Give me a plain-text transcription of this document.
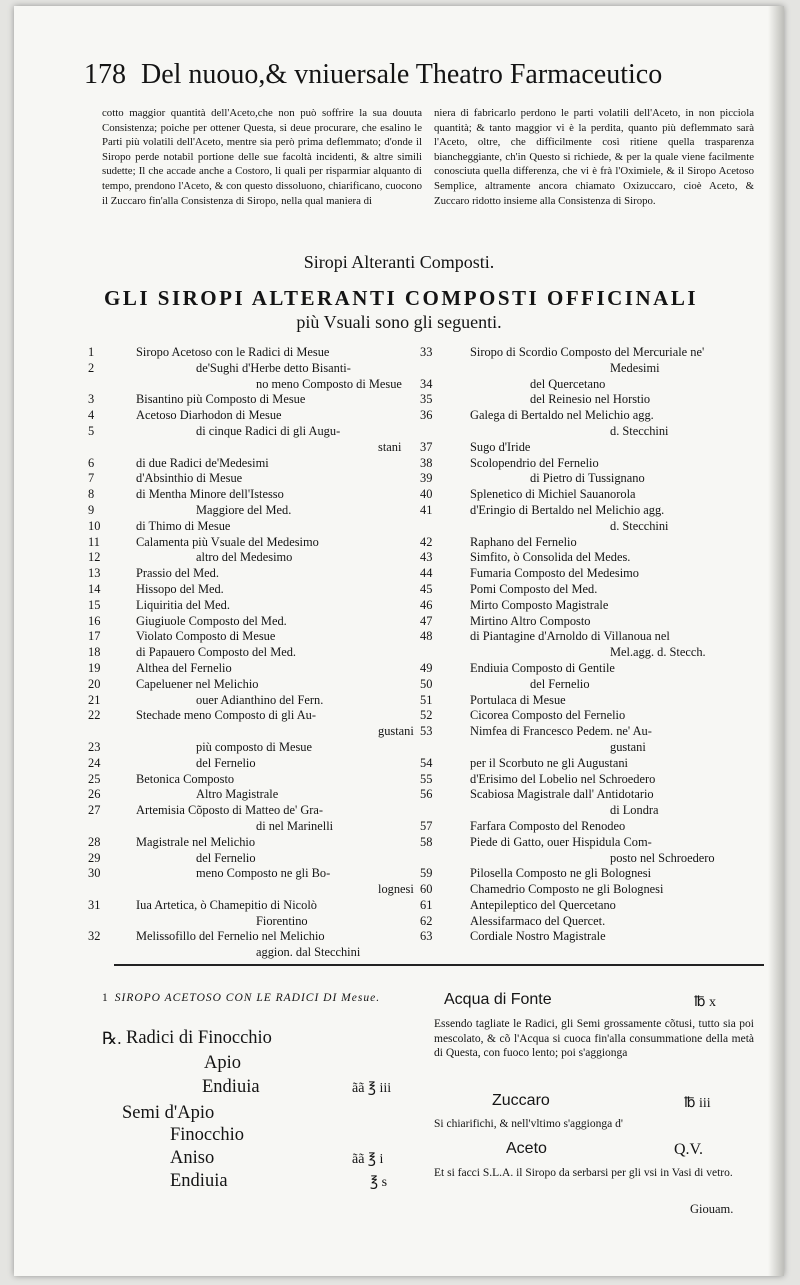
178 Del nuouo,& vniuersale Theatro Farmaceutico

cotto maggior quantità dell'Aceto,che non può soffrire la sua douuta Consistenza; poiche per ottener Questa, si deue procurare, che esalino le Parti più volatili dell'Aceto, mentre sia però prima deflemmato; d'onde il Siropo perde notabil portione delle sue facoltà incidenti, & altre simili sudette; Il che accade anche a Costoro, li quali per risparmiar alquanto di tempo, prendono l'Aceto, & con questo dissoluono, chiarificano, cuocono il Zuccaro fin'alla Consistenza di Siropo, nella qual maniera di

niera di fabricarlo perdono le parti volatili dell'Aceto, in non picciola quantità; & tanto maggior vi è la perdita, quanto più deflemmato sarà l'Aceto, oltre, che difficilmente così ritiene quella trasparenza biancheggiante, ch'in Questo si richiede, & per la quale viene facilmente conosciuta quella differenza, che vi è frà l'Oximiele, & il Siropo Acetoso Semplice, altramente ancora chiamato Oxizuccaro, cioè Aceto, & Zuccaro ridotto insieme alla Consistenza di Siropo.

Siropi Alteranti Composti.
GLI SIROPI ALTERANTI COMPOSTI OFFICINALI
più Vsuali sono gli seguenti.
1	Siropo Acetoso con le Radici di Mesue
2	de'Sughi d'Herbe detto Bisanti-
no meno Composto di Mesue
3	Bisantino più Composto di Mesue
4	Acetoso Diarhodon di Mesue
5	di cinque Radici di gli Augu-
stani
6	di due Radici de'Medesimi
7	d'Absinthio di Mesue
8	di Mentha Minore dell'Istesso
9	Maggiore del Med.
10	di Thimo di Mesue
11	Calamenta più Vsuale del Medesimo
12	altro del Medesimo
13	Prassio del Med.
14	Hissopo del Med.
15	Liquiritia del Med.
16	Giugiuole Composto del Med.
17	Violato Composto di Mesue
18	di Papauero Composto del Med.
19	Althea del Fernelio
20	Capeluener nel Melichio
21	ouer Adianthino del Fern.
22	Stechade meno Composto di gli Au-
gustani
23	più composto di Mesue
24	del Fernelio
25	Betonica Composto
26	Altro Magistrale
27	Artemisia Cõposto di Matteo de' Gra-
di nel Marinelli
28	Magistrale nel Melichio
29	del Fernelio
30	meno Composto ne gli Bo-
lognesi
31	Iua Artetica, ò Chamepitio di Nicolò
Fiorentino
32	Melissofillo del Fernelio nel Melichio
aggion. dal Stecchini
33	Siropo di Scordio Composto del Mercuriale ne'
Medesimi
34	del Quercetano
35	del Reinesio nel Horstio
36	Galega di Bertaldo nel Melichio agg.
d. Stecchini
37	Sugo d'Iride
38	Scolopendrio del Fernelio
39	di Pietro di Tussignano
40	Splenetico di Michiel Sauanorola
41	d'Eringio di Bertaldo nel Melichio agg.
d. Stecchini
42	Raphano del Fernelio
43	Simfito, ò Consolida del Medes.
44	Fumaria Composto del Medesimo
45	Pomi Composto del Med.
46	Mirto Composto Magistrale
47	Mirtino Altro Composto
48	di Piantagine d'Arnoldo di Villanoua nel
Mel.agg. d. Stecch.
49	Endiuia Composto di Gentile
50	del Fernelio
51	Portulaca di Mesue
52	Cicorea Composto del Fernelio
53	Nimfea di Francesco Pedem. ne' Au-
gustani
54	per il Scorbuto ne gli Augustani
55	d'Erisimo del Lobelio nel Schroedero
56	Scabiosa Magistrale dall' Antidotario
di Londra
57	Farfara Composto del Renodeo
58	Piede di Gatto, ouer Hispidula Com-
posto nel Schroedero
59	Pilosella Composto ne gli Bolognesi
60	Chamedrio Composto ne gli Bolognesi
61	Antepileptico del Quercetano
62	Alessifarmaco del Quercet.
63	Cordiale Nostro Magistrale
1 SIROPO ACETOSO CON LE RADICI DI Mesue.
℞. Radici di Finocchio
Apio
Endiuia	ãã ℥ iii
Semi d'Apio
Finocchio
Aniso	ãã ℥ i
Endiuia	℥ s
Acqua di Fonte	℔ x

Essendo tagliate le Radici, gli Semi grossamente cõtusi, tutto sia poi mescolato, & cõ l'Acqua si cuoca fin'alla consummatione della metà di Questa, con fuoco lento; poi s'aggionga

Zuccaro	℔ iii

Si chiarifichi, & nell'vltimo s'aggionga d'

Aceto	Q.V.

Et si facci S.L.A. il Siropo da serbarsi per gli vsi in Vasi di vetro.

Giouam.
